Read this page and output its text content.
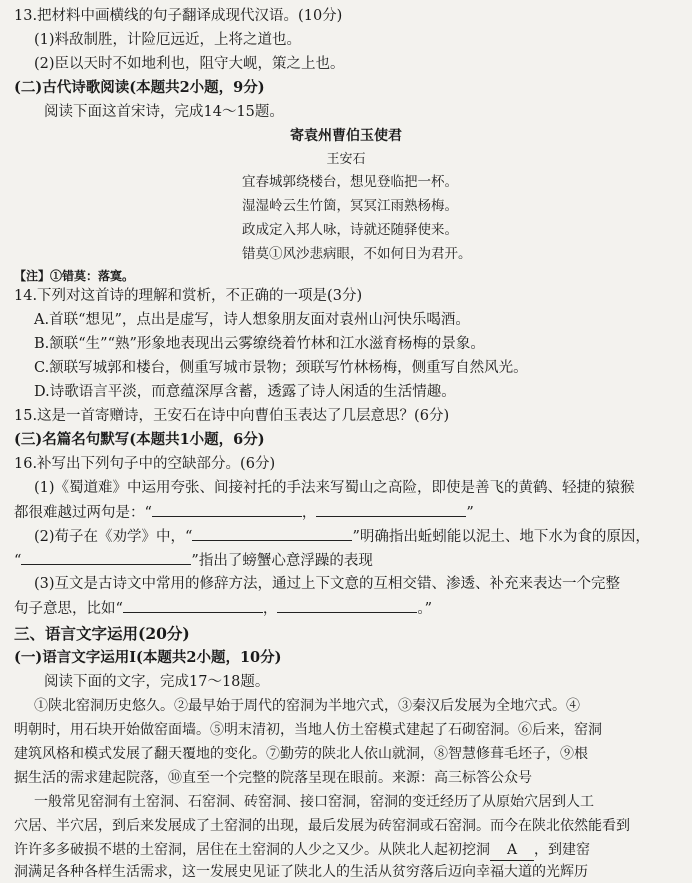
13.把材料中画横线的句子翻译成现代汉语。(10分)
(1)料敌制胜，计险厄远近，上将之道也。
(2)臣以天时不如地利也，阻守大岘，策之上也。
(二)古代诗歌阅读(本题共2小题，9分)
阅读下面这首宋诗，完成14～15题。
寄袁州曹伯玉使君
王安石
宜春城郭绕楼台，想见登临把一杯。
湿湿岭云生竹箇，冥冥江雨熟杨梅。
政成定入邦人咏，诗就还随驿使来。
错莫①风沙悲病眼，不如何日为君开。
【注】①错莫：落寞。
14.下列对这首诗的理解和赏析，不正确的一项是(3分)
A.首联“想见”，点出是虚写，诗人想象朋友面对袁州山河快乐喝酒。
B.颔联“生”“熟”形象地表现出云雾缭绕着竹林和江水滋育杨梅的景象。
C.颔联写城郭和楼台，侧重写城市景物；颈联写竹林杨梅，侧重写自然风光。
D.诗歌语言平淡，而意蕴深厚含蓄，透露了诗人闲适的生活情趣。
15.这是一首寄赠诗，王安石在诗中向曹伯玉表达了几层意思？(6分)
(三)名篇名句默写(本题共1小题，6分)
16.补写出下列句子中的空缺部分。(6分)
(1)《蜀道难》中运用夸张、间接衬托的手法来写蜀山之高险，即使是善飞的黄鹤、轻捷的猿猴
都很难越过两句是：“	，	”
(2)荀子在《劝学》中，“	”明确指出蚯蚓能以泥土、地下水为食的原因，
“	”指出了螃蟹心意浮躁的表现
(3)互文是古诗文中常用的修辞方法，通过上下文意的互相交错、渗透、补充来表达一个完整
句子意思，比如“	，	。”
三、语言文字运用(20分)
(一)语言文字运用Ⅰ(本题共2小题，10分)
阅读下面的文字，完成17～18题。
①陕北窑洞历史悠久。②最早始于周代的窑洞为半地穴式，③秦汉后发展为全地穴式。④
明朝时，用石块开始做窑面墙。⑤明末清初，当地人仿土窑模式建起了石砌窑洞。⑥后来，窑洞
建筑风格和模式发展了翻天覆地的变化。⑦勤劳的陕北人依山就洞，⑧智慧修葺毛坯子，⑨根
据生活的需求建起院落，⑩直至一个完整的院落呈现在眼前。来源：高三标答公众号
一般常见窑洞有土窑洞、石窑洞、砖窑洞、接口窑洞，窑洞的变迁经历了从原始穴居到人工
穴居、半穴居，到后来发展成了土窑洞的出现，最后发展为砖窑洞或石窑洞。而今在陕北依然能看到
许许多多破损不堪的土窑洞，居住在土窑洞的人少之又少。从陕北人起初挖洞 A ，到建窑
洞满足各种各样生活需求，这一发展史见证了陕北人的生活从贫穷落后迈向幸福大道的光辉历
